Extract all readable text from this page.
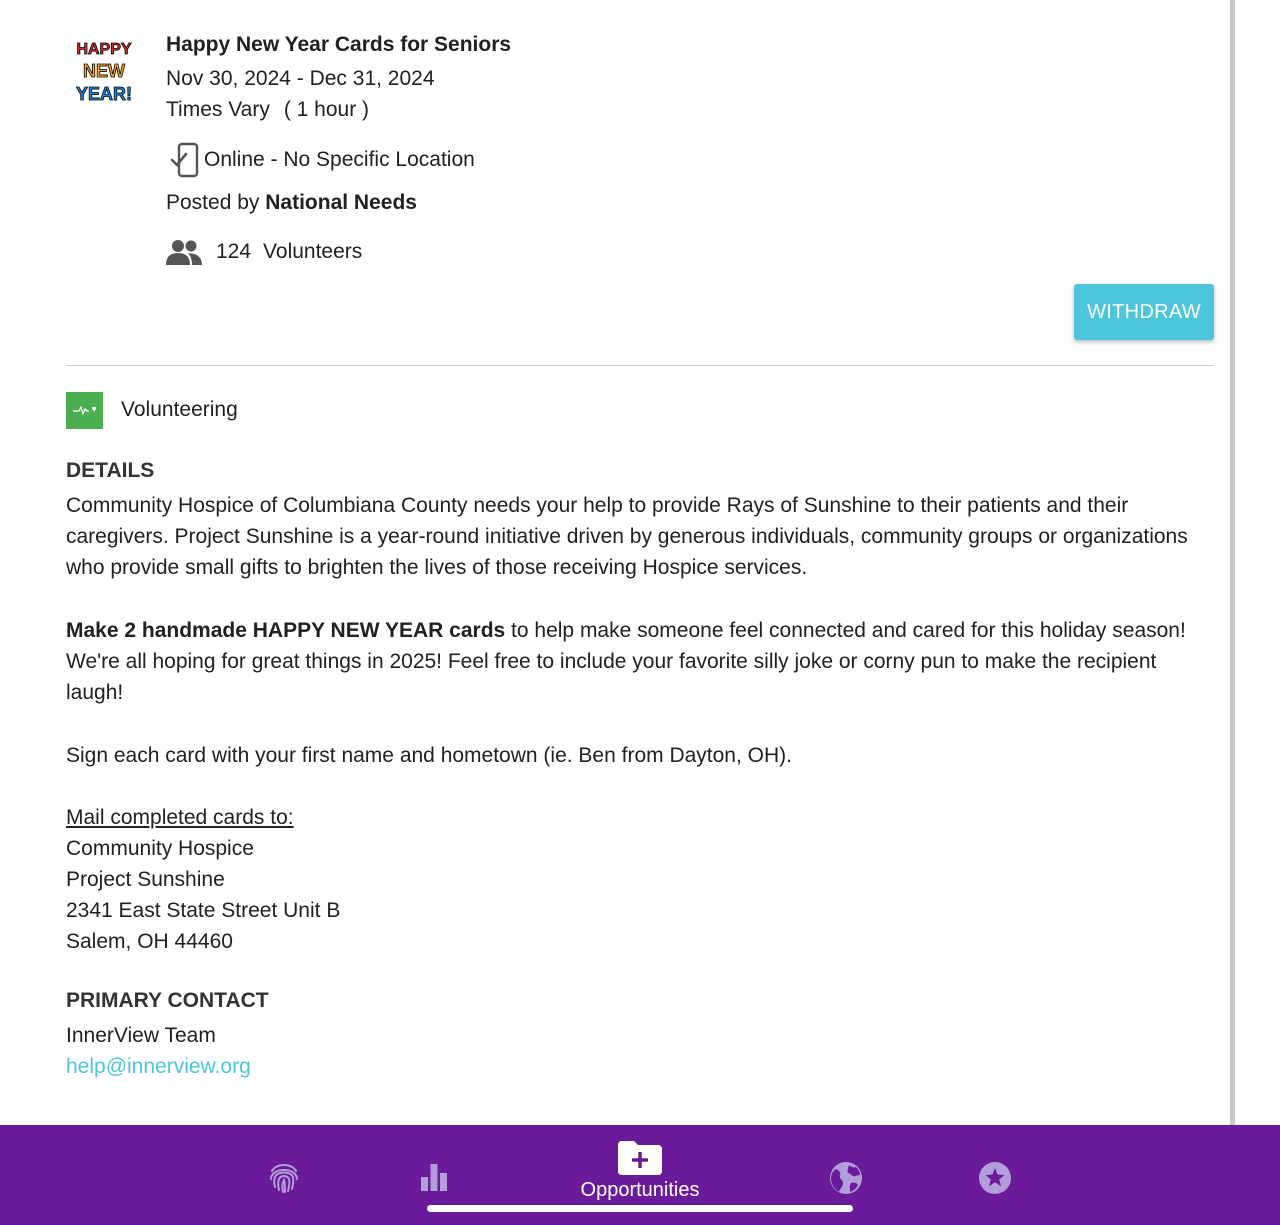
HAPPY
NEW
YEAR!
Happy New Year Cards for Seniors
Nov 30, 2024 - Dec 31, 2024
Times Vary ( 1 hour )
Online - No Specific Location
Posted by National Needs
124 Volunteers
WITHDRAW
Volunteering
DETAILS

Community Hospice of Columbiana County needs your help to provide Rays of Sunshine to their patients and their caregivers. Project Sunshine is a year-round initiative driven by generous individuals, community groups or organizations who provide small gifts to brighten the lives of those receiving Hospice services.

Make 2 handmade HAPPY NEW YEAR cards to help make someone feel connected and cared for this holiday season! We're all hoping for great things in 2025! Feel free to include your favorite silly joke or corny pun to make the recipient laugh!

Sign each card with your first name and hometown (ie. Ben from Dayton, OH).

Mail completed cards to:
Community Hospice
Project Sunshine
2341 East State Street Unit B
Salem, OH 44460
PRIMARY CONTACT
InnerView Team
help@innerview.org
Opportunities
